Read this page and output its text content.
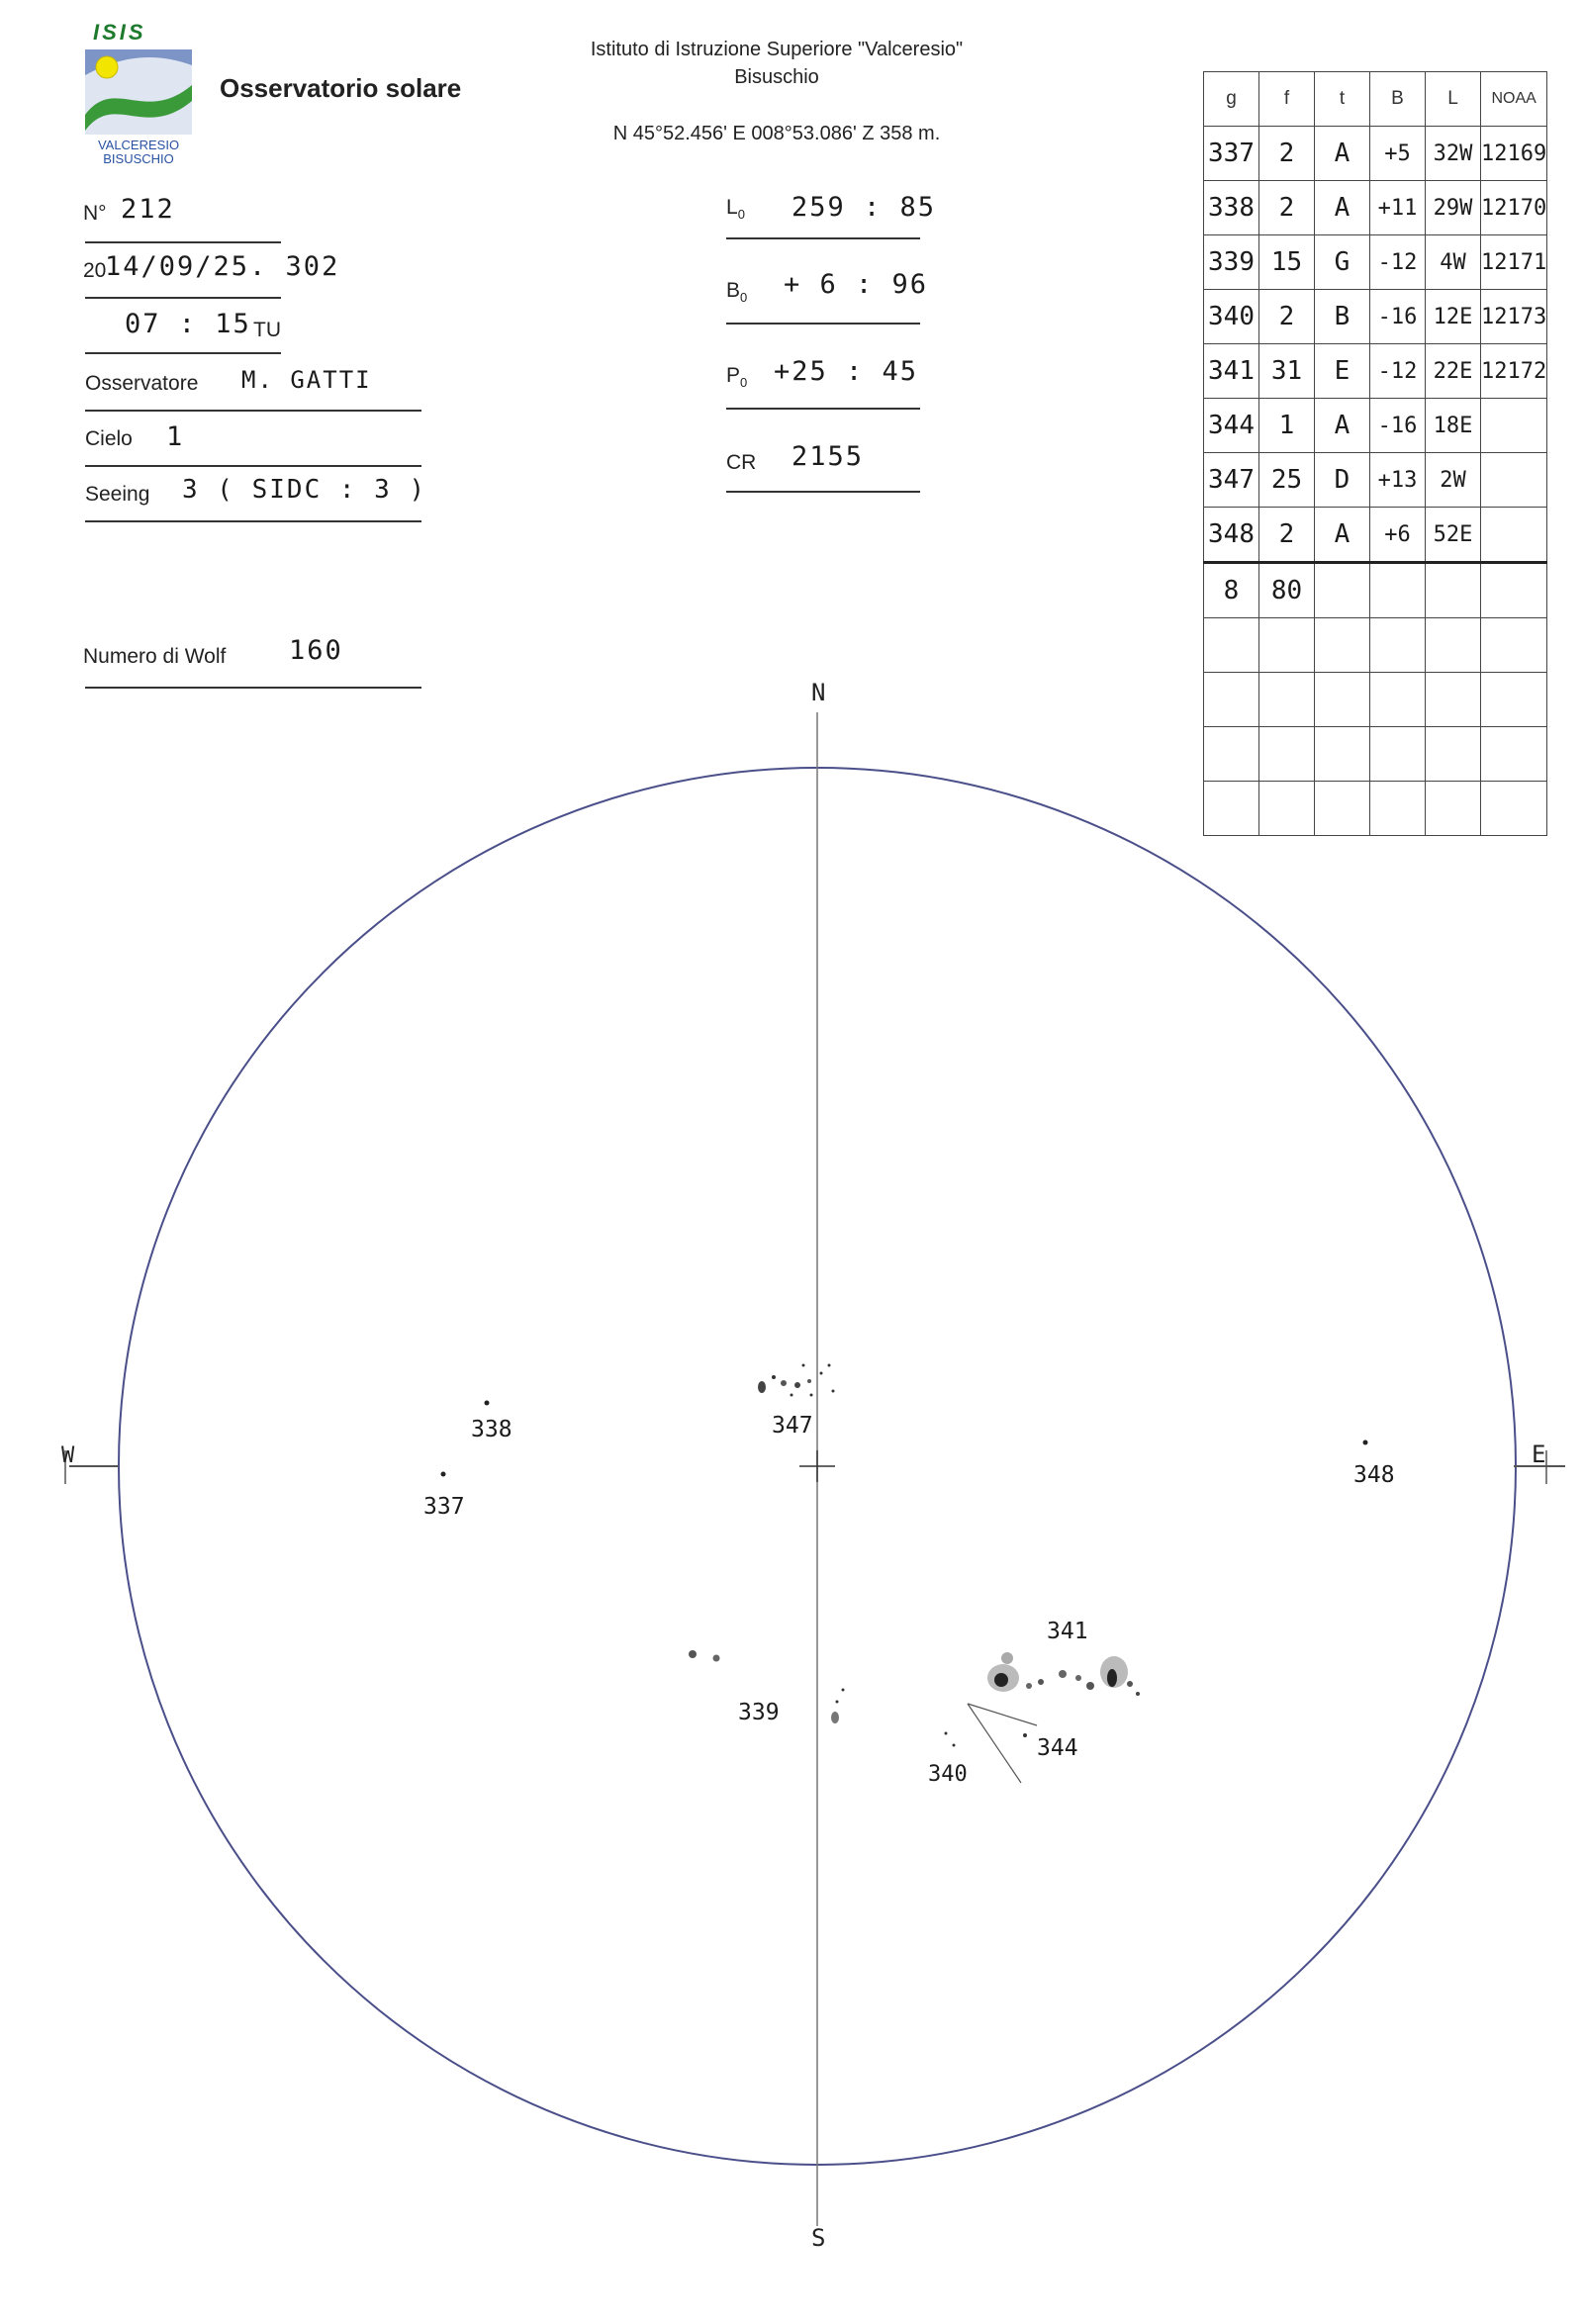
ISIS
VALCERESIO
BISUSCHIO
Osservatorio solare
Istituto di Istruzione Superiore "Valceresio"
Bisuschio
N 45°52.456' E 008°53.086' Z 358 m.
N° 212
20
14/09/25. 302
07 : 15 TU
Osservatore M. GATTI
Cielo 1
Seeing 3 ( SIDC : 3 )
Numero di Wolf 160
$L_0$ 259 : 85
$B_0 + 6$ : 96
$P_0 +25$ : 45
CR 2155
g	f	t	B	L	NOAA
337	2	A	+5	32W	12169
338	2	A	+11	29W	12170
339	15	G	-12	4W	12171
340	2	B	-16	12E	12173
341	31	E	-12	22E	12172
344	1	A	-16	18E	
347	25	D	+13	2W	
348	2	A	+6	52E	
8	80				

N
S
W	E
338
337
347
348
339
341
344
340
